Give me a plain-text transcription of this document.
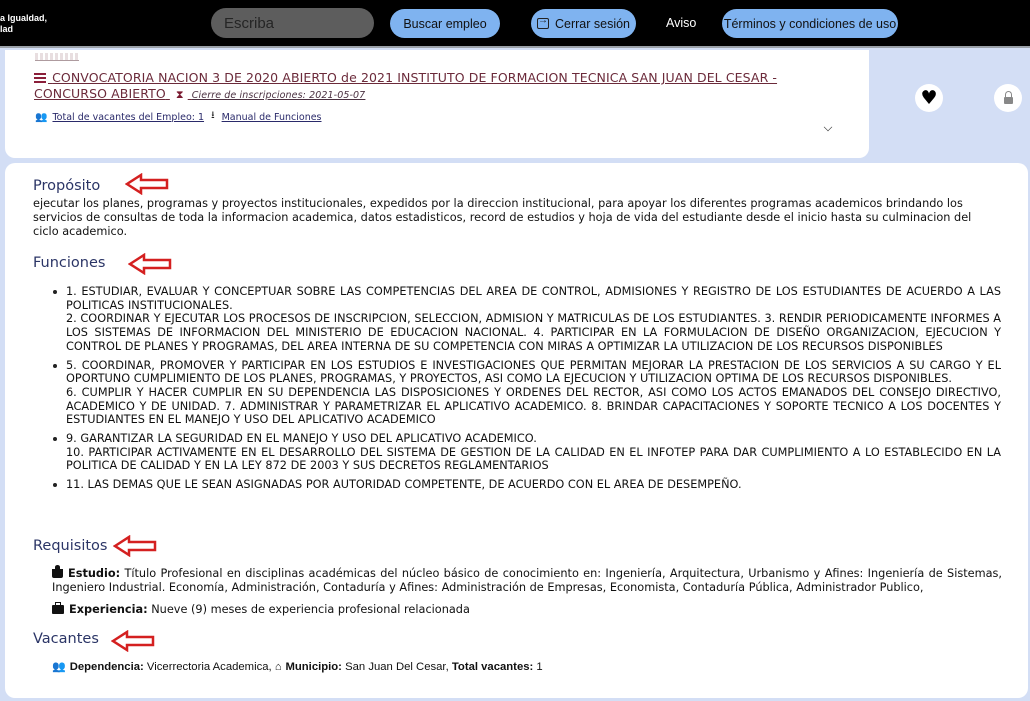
a Igualdad,
lad
Escriba	Buscar empleo →	Cerrar sesión	Aviso Términos y condiciones de uso
CONVOCATORIA NACION 3 DE 2020 ABIERTO de 2021 INSTITUTO DE FORMACION TECNICA SAN JUAN DEL CESAR - CONCURSO ABIERTO ⧗ Cierre de inscripciones: 2021-05-07
👥 Total de vacantes del Empleo: 1 ⭳ Manual de Funciones
♥
Propósito
ejecutar los planes, programas y proyectos institucionales, expedidos por la direccion institucional, para apoyar los diferentes programas academicos brindando los servicios de consultas de toda la informacion academica, datos estadisticos, record de estudios y hoja de vida del estudiante desde el inicio hasta su culminacion del ciclo academico.
Funciones
1. ESTUDIAR, EVALUAR Y CONCEPTUAR SOBRE LAS COMPETENCIAS DEL AREA DE CONTROL, ADMISIONES Y REGISTRO DE LOS ESTUDIANTES DE ACUERDO A LAS POLITICAS INSTITUCIONALES.
2. COORDINAR Y EJECUTAR LOS PROCESOS DE INSCRIPCION, SELECCION, ADMISION Y MATRICULAS DE LOS ESTUDIANTES. 3. RENDIR PERIODICAMENTE INFORMES A LOS SISTEMAS DE INFORMACION DEL MINISTERIO DE EDUCACION NACIONAL. 4. PARTICIPAR EN LA FORMULACION DE DISEÑO ORGANIZACION, EJECUCION Y CONTROL DE PLANES Y PROGRAMAS, DEL AREA INTERNA DE SU COMPETENCIA CON MIRAS A OPTIMIZAR LA UTILIZACION DE LOS RECURSOS DISPONIBLES
5. COORDINAR, PROMOVER Y PARTICIPAR EN LOS ESTUDIOS E INVESTIGACIONES QUE PERMITAN MEJORAR LA PRESTACION DE LOS SERVICIOS A SU CARGO Y EL OPORTUNO CUMPLIMIENTO DE LOS PLANES, PROGRAMAS, Y PROYECTOS, ASI COMO LA EJECUCION Y UTILIZACION OPTIMA DE LOS RECURSOS DISPONIBLES.
6. CUMPLIR Y HACER CUMPLIR EN SU DEPENDENCIA LAS DISPOSICIONES Y ORDENES DEL RECTOR, ASI COMO LOS ACTOS EMANADOS DEL CONSEJO DIRECTIVO, ACADEMICO Y DE UNIDAD. 7. ADMINISTRAR Y PARAMETRIZAR EL APLICATIVO ACADEMICO. 8. BRINDAR CAPACITACIONES Y SOPORTE TECNICO A LOS DOCENTES Y ESTUDIANTES EN EL MANEJO Y USO DEL APLICATIVO ACADEMICO
9. GARANTIZAR LA SEGURIDAD EN EL MANEJO Y USO DEL APLICATIVO ACADEMICO.
10. PARTICIPAR ACTIVAMENTE EN EL DESARROLLO DEL SISTEMA DE GESTION DE LA CALIDAD EN EL INFOTEP PARA DAR CUMPLIMIENTO A LO ESTABLECIDO EN LA POLITICA DE CALIDAD Y EN LA LEY 872 DE 2003 Y SUS DECRETOS REGLAMENTARIOS
11. LAS DEMAS QUE LE SEAN ASIGNADAS POR AUTORIDAD COMPETENTE, DE ACUERDO CON EL AREA DE DESEMPEÑO.
Requisitos
Estudio: Título Profesional en disciplinas académicas del núcleo básico de conocimiento en: Ingeniería, Arquitectura, Urbanismo y Afines: Ingeniería de Sistemas, Ingeniero Industrial. Economía, Administración, Contaduría y Afines: Administración de Empresas, Economista, Contaduría Pública, Administrador Publico,
Experiencia: Nueve (9) meses de experiencia profesional relacionada
Vacantes
👥 Dependencia: Vicerrectoria Academica, ⌂ Municipio: San Juan Del Cesar, Total vacantes: 1
